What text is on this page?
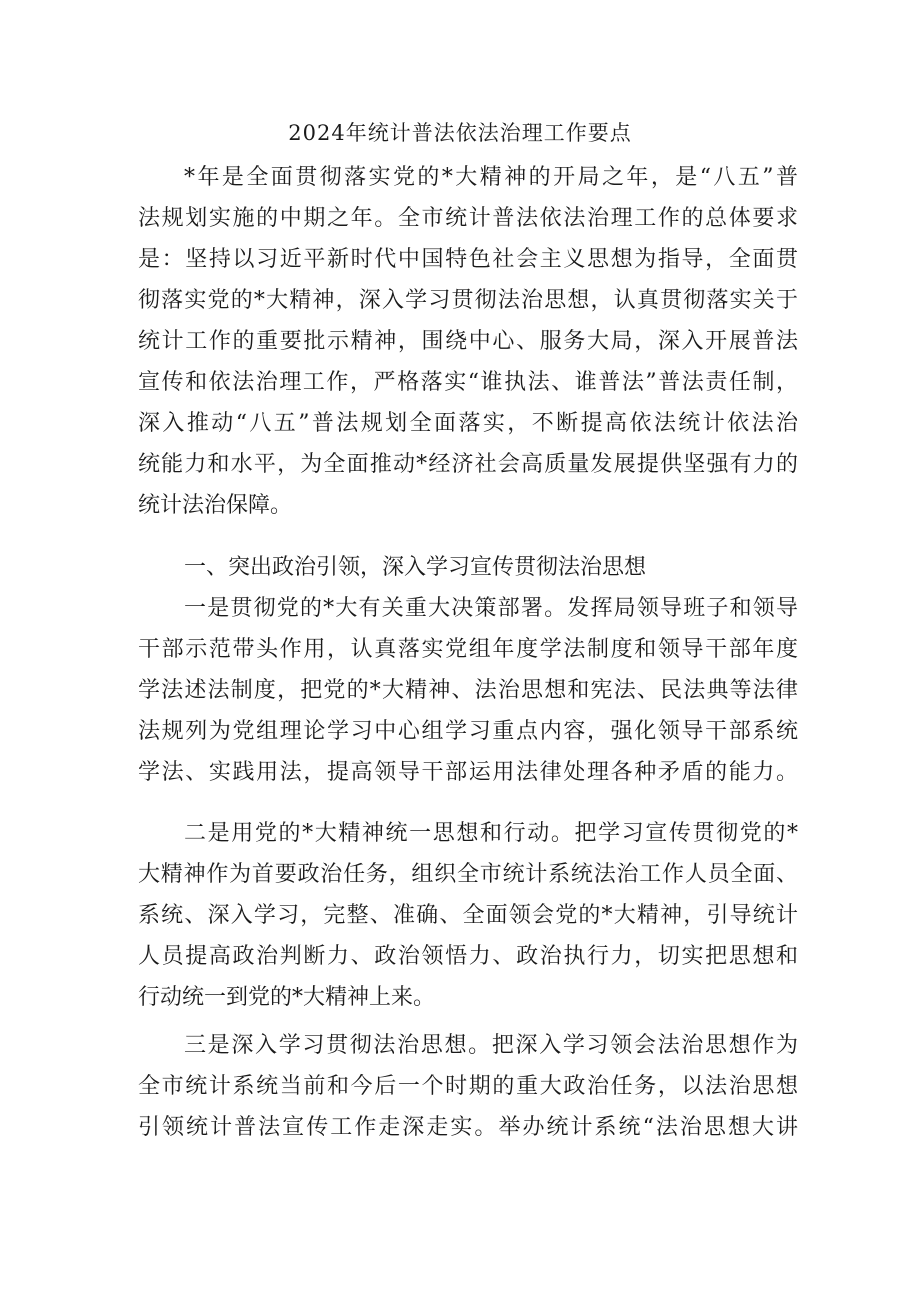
2024年统计普法依法治理工作要点
*年是全面贯彻落实党的*大精神的开局之年，是“八五”普
法规划实施的中期之年。全市统计普法依法治理工作的总体要求
是：坚持以习近平新时代中国特色社会主义思想为指导，全面贯
彻落实党的*大精神，深入学习贯彻法治思想，认真贯彻落实关于
统计工作的重要批示精神，围绕中心、服务大局，深入开展普法
宣传和依法治理工作，严格落实“谁执法、谁普法”普法责任制，
深入推动“八五”普法规划全面落实，不断提高依法统计依法治
统能力和水平，为全面推动*经济社会高质量发展提供坚强有力的
统计法治保障。
一、突出政治引领，深入学习宣传贯彻法治思想
一是贯彻党的*大有关重大决策部署。发挥局领导班子和领导
干部示范带头作用，认真落实党组年度学法制度和领导干部年度
学法述法制度，把党的*大精神、法治思想和宪法、民法典等法律
法规列为党组理论学习中心组学习重点内容，强化领导干部系统
学法、实践用法，提高领导干部运用法律处理各种矛盾的能力。
二是用党的*大精神统一思想和行动。把学习宣传贯彻党的*
大精神作为首要政治任务，组织全市统计系统法治工作人员全面、
系统、深入学习，完整、准确、全面领会党的*大精神，引导统计
人员提高政治判断力、政治领悟力、政治执行力，切实把思想和
行动统一到党的*大精神上来。
三是深入学习贯彻法治思想。把深入学习领会法治思想作为
全市统计系统当前和今后一个时期的重大政治任务，以法治思想
引领统计普法宣传工作走深走实。举办统计系统“法治思想大讲
